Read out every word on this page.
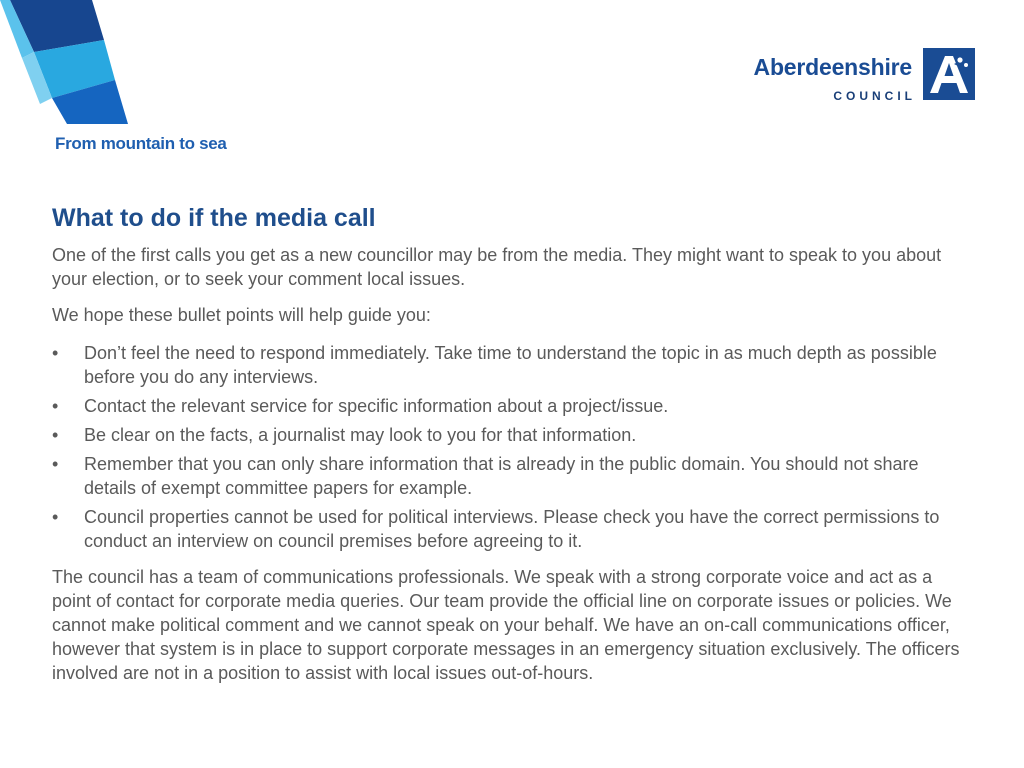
From mountain to sea
Aberdeenshire
COUNCIL
What to do if the media call

One of the first calls you get as a new councillor may be from the media. They might want to speak to you about your election, or to seek your comment local issues.

We hope these bullet points will help guide you:

• Don’t feel the need to respond immediately. Take time to understand the topic in as much depth as possible before you do any interviews.
• Contact the relevant service for specific information about a project/issue.
• Be clear on the facts, a journalist may look to you for that information.
• Remember that you can only share information that is already in the public domain. You should not share details of exempt committee papers for example.
• Council properties cannot be used for political interviews. Please check you have the correct permissions to conduct an interview on council premises before agreeing to it.

The council has a team of communications professionals. We speak with a strong corporate voice and act as a point of contact for corporate media queries. Our team provide the official line on corporate issues or policies. We cannot make political comment and we cannot speak on your behalf. We have an on-call communications officer, however that system is in place to support corporate messages in an emergency situation exclusively. The officers involved are not in a position to assist with local issues out-of-hours.
